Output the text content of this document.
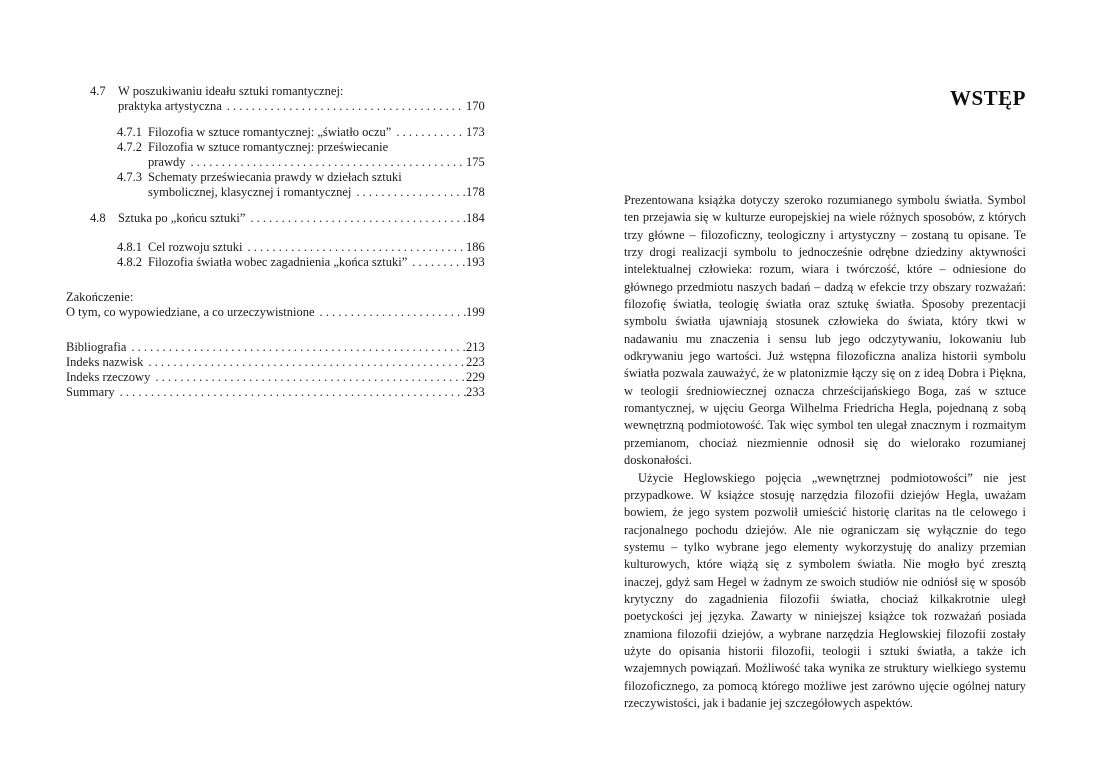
4.7 W poszukiwaniu ideału sztuki romantycznej:
praktyka artystyczna . . .	170
4.7.1 Filozofia w sztuce romantycznej: „światło oczu” . . .	173
4.7.2 Filozofia w sztuce romantycznej: przeświecanie
prawdy . . .	175
4.7.3 Schematy przeświecania prawdy w dziełach sztuki
symbolicznej, klasycznej i romantycznej . . .	178
4.8 Sztuka po „końcu sztuki” . . .	184
4.8.1 Cel rozwoju sztuki . . .	186
4.8.2 Filozofia światła wobec zagadnienia „końca sztuki” . . .	193
Zakończenie:
O tym, co wypowiedziane, a co urzeczywistnione . . .	199
Bibliografia . . .	213
Indeks nazwisk . . .	223
Indeks rzeczowy . . .	229
Summary . . .	233
WSTĘP

Prezentowana książka dotyczy szeroko rozumianego symbolu światła. Symbol ten przejawia się w kulturze europejskiej na wiele różnych sposobów, z których trzy główne – filozoficzny, teologiczny i artystyczny – zostaną tu opisane. Te trzy drogi realizacji symbolu to jednocześnie odrębne dziedziny aktywności intelektualnej człowieka: rozum, wiara i twórczość, które – odniesione do głównego przedmiotu naszych badań – dadzą w efekcie trzy obszary rozważań: filozofię światła, teologię światła oraz sztukę światła. Sposoby prezentacji symbolu światła ujawniają stosunek człowieka do świata, który tkwi w nadawaniu mu znaczenia i sensu lub jego odczytywaniu, lokowaniu lub odkrywaniu jego wartości. Już wstępna filozoficzna analiza historii symbolu światła pozwala zauważyć, że w platonizmie łączy się on z ideą Dobra i Piękna, w teologii średniowiecznej oznacza chrześcijańskiego Boga, zaś w sztuce romantycznej, w ujęciu Georga Wilhelma Friedricha Hegla, pojednaną z sobą wewnętrzną podmiotowość. Tak więc symbol ten ulegał znacznym i rozmaitym przemianom, chociaż niezmiennie odnosił się do wielorako rozumianej doskonałości.

Użycie Heglowskiego pojęcia „wewnętrznej podmiotowości” nie jest przypadkowe. W książce stosuję narzędzia filozofii dziejów Hegla, uważam bowiem, że jego system pozwolił umieścić historię claritas na tle celowego i racjonalnego pochodu dziejów. Ale nie ograniczam się wyłącznie do tego systemu – tylko wybrane jego elementy wykorzystuję do analizy przemian kulturowych, które wiążą się z symbolem światła. Nie mogło być zresztą inaczej, gdyż sam Hegel w żadnym ze swoich studiów nie odniósł się w sposób krytyczny do zagadnienia filozofii światła, chociaż kilkakrotnie uległ poetyckości jej języka. Zawarty w niniejszej książce tok rozważań posiada znamiona filozofii dziejów, a wybrane narzędzia Heglowskiej filozofii zostały użyte do opisania historii filozofii, teologii i sztuki światła, a także ich wzajemnych powiązań. Możliwość taka wynika ze struktury wielkiego systemu filozoficznego, za pomocą którego możliwe jest zarówno ujęcie ogólnej natury rzeczywistości, jak i badanie jej szczegółowych aspektów.
